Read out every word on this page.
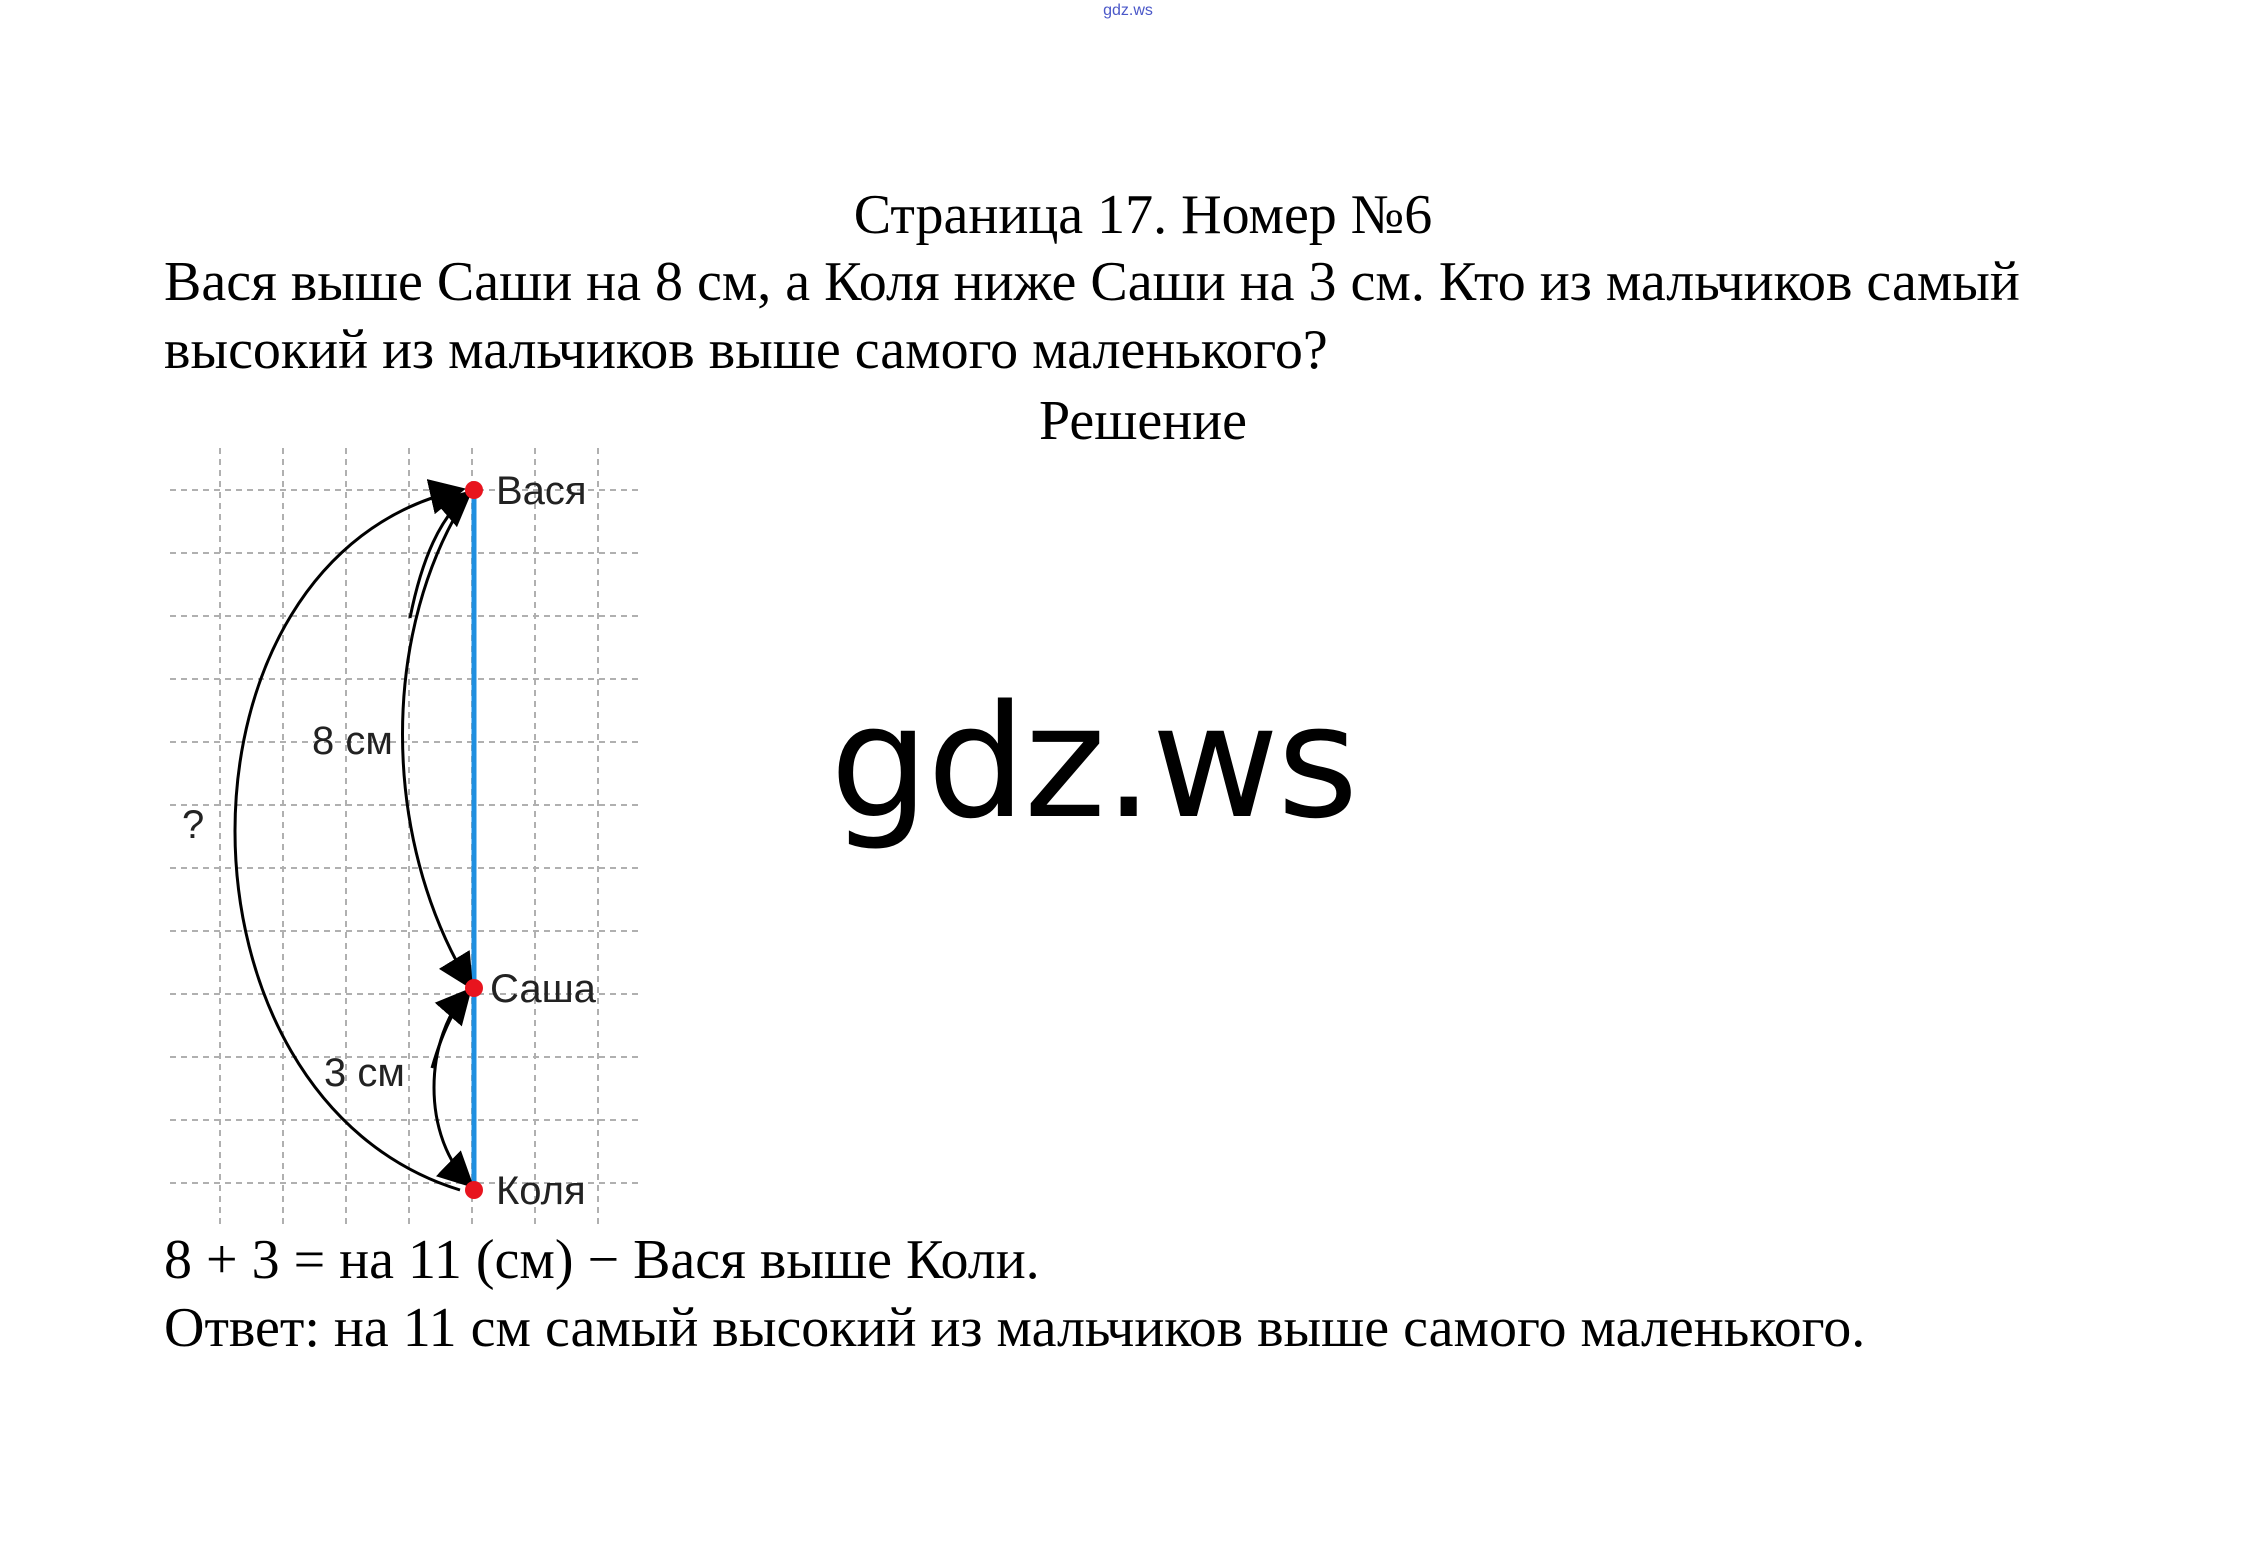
gdz.ws
Страница 17. Номер №6

Вася выше Саши на 8 см, а Коля ниже Саши на 3 см. Кто из мальчиков самый высокий из мальчиков выше самого маленького?

Решение
gdz.ws
Вася
Саша
Коля
8 см
3 см
?

8 + 3 = на 11 (см) − Вася выше Коли.

Ответ: на 11 см самый высокий из мальчиков выше самого маленького.
